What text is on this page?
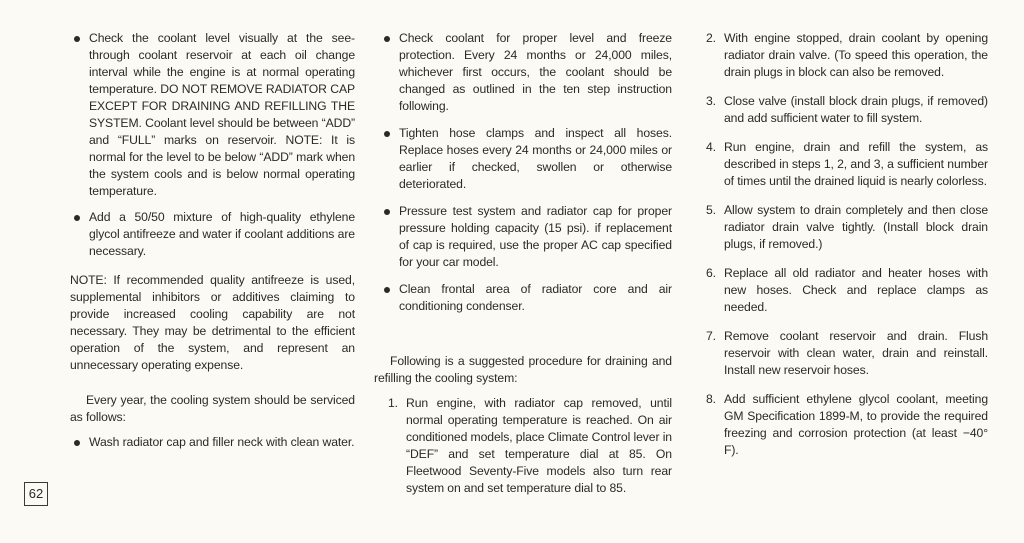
Check the coolant level visually at the see-through coolant reservoir at each oil change interval while the engine is at normal operating temperature. DO NOT REMOVE RADIATOR CAP EXCEPT FOR DRAINING AND REFILLING THE SYSTEM. Coolant level should be between “ADD” and “FULL” marks on reservoir. NOTE: It is normal for the level to be below “ADD” mark when the system cools and is below normal operating temperature.

Add a 50/50 mixture of high-quality ethylene glycol antifreeze and water if coolant additions are necessary.

NOTE: If recommended quality antifreeze is used, supplemental inhibitors or additives claiming to provide increased cooling capability are not necessary. They may be detrimental to the efficient operation of the system, and represent an unnecessary operating expense.

Every year, the cooling system should be serviced as follows:

Wash radiator cap and filler neck with clean water.

62

Check coolant for proper level and freeze protection. Every 24 months or 24,000 miles, whichever first occurs, the coolant should be changed as outlined in the ten step instruction following.

Tighten hose clamps and inspect all hoses. Replace hoses every 24 months or 24,000 miles or earlier if checked, swollen or otherwise deteriorated.

Pressure test system and radiator cap for proper pressure holding capacity (15 psi). if replacement of cap is required, use the proper AC cap specified for your car model.

Clean frontal area of radiator core and air conditioning condenser.

Following is a suggested procedure for draining and refilling the cooling system:

1. Run engine, with radiator cap removed, until normal operating temperature is reached. On air conditioned models, place Climate Control lever in “DEF” and set temperature dial at 85. On Fleetwood Seventy-Five models also turn rear system on and set temperature dial to 85.

2. With engine stopped, drain coolant by opening radiator drain valve. (To speed this operation, the drain plugs in block can also be removed.

3. Close valve (install block drain plugs, if removed) and add sufficient water to fill system.

4. Run engine, drain and refill the system, as described in steps 1, 2, and 3, a sufficient number of times until the drained liquid is nearly colorless.

5. Allow system to drain completely and then close radiator drain valve tightly. (Install block drain plugs, if removed.)

6. Replace all old radiator and heater hoses with new hoses. Check and replace clamps as needed.

7. Remove coolant reservoir and drain. Flush reservoir with clean water, drain and reinstall. Install new reservoir hoses.

8. Add sufficient ethylene glycol coolant, meeting GM Specification 1899-M, to provide the required freezing and corrosion protection (at least −40° F).
